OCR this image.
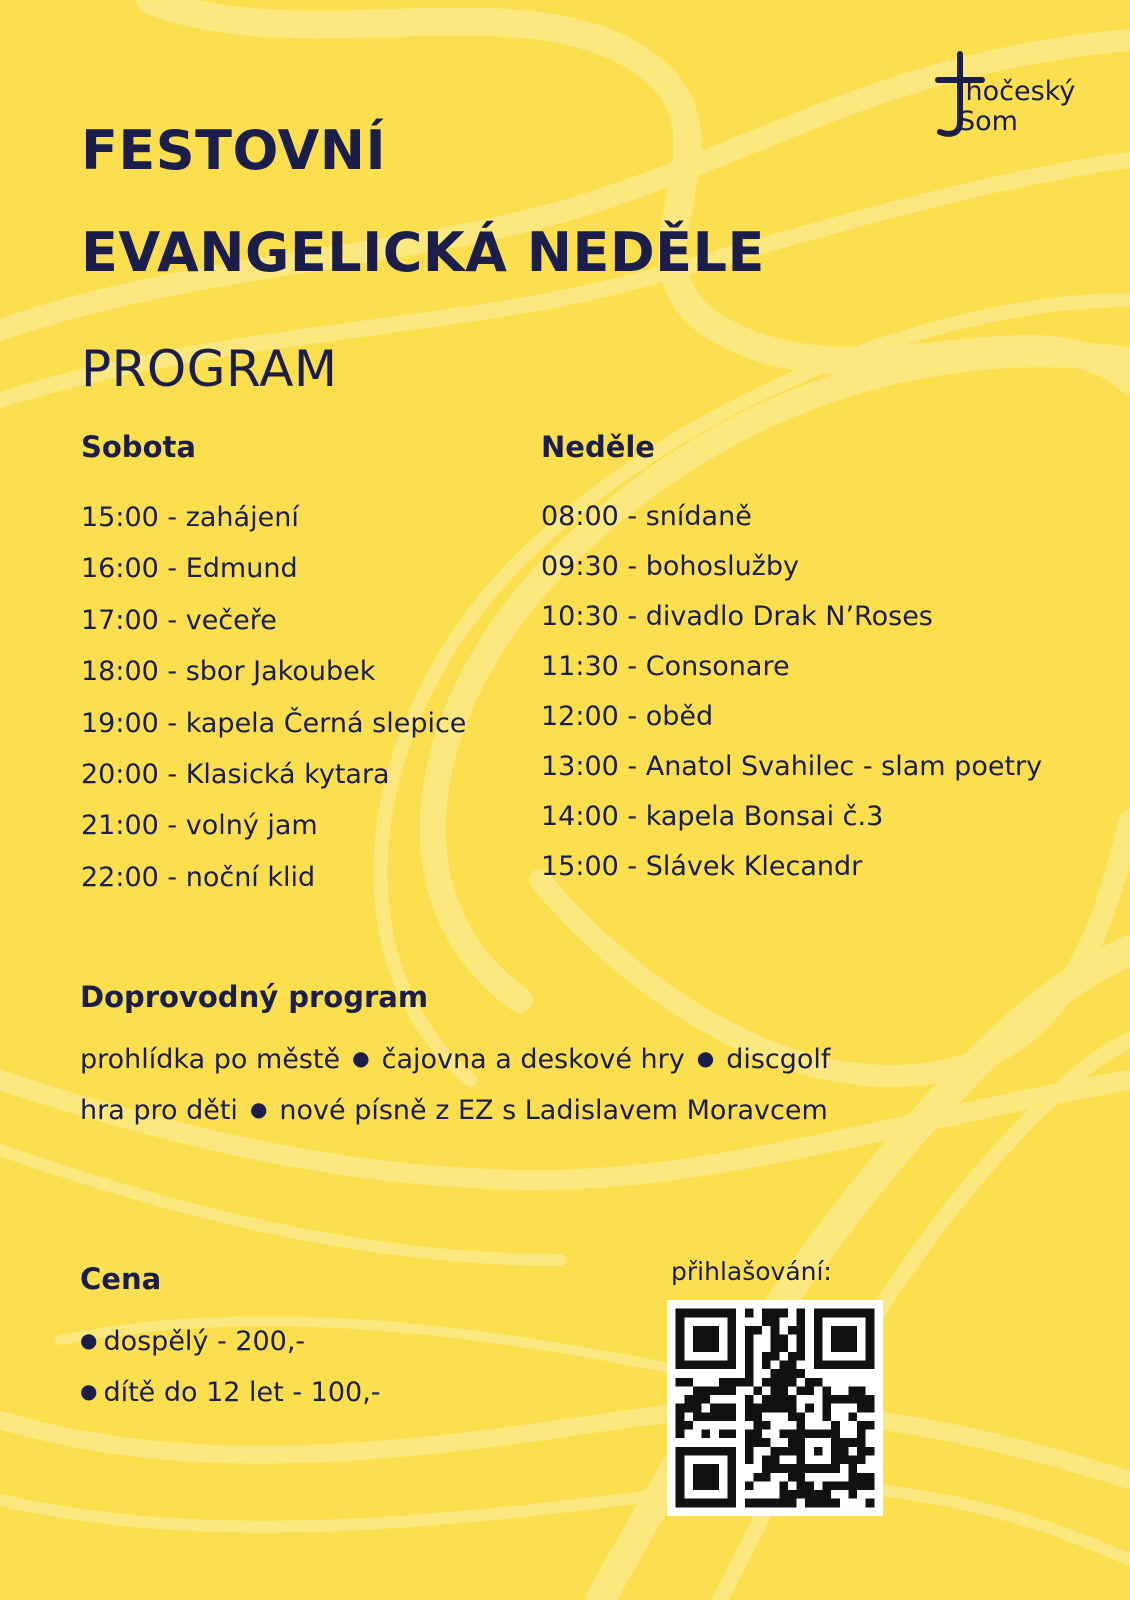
ihočeský
Som
FESTOVNÍ
EVANGELICKÁ NEDĚLE
PROGRAM
Sobota
15:00 - zahájení
16:00 - Edmund
17:00 - večeře
18:00 - sbor Jakoubek
19:00 - kapela Černá slepice
20:00 - Klasická kytara
21:00 - volný jam
22:00 - noční klid
Neděle
08:00 - snídaně
09:30 - bohoslužby
10:30 - divadlo Drak N’Roses
11:30 - Consonare
12:00 - oběd
13:00 - Anatol Svahilec - slam poetry
14:00 - kapela Bonsai č.3
15:00 - Slávek Klecandr
Doprovodný program
prohlídka po městě ● čajovna a deskové hry ● discgolf
hra pro děti ● nové písně z EZ s Ladislavem Moravcem
Cena
● dospělý - 200,-
● dítě do 12 let - 100,-
přihlašování:
